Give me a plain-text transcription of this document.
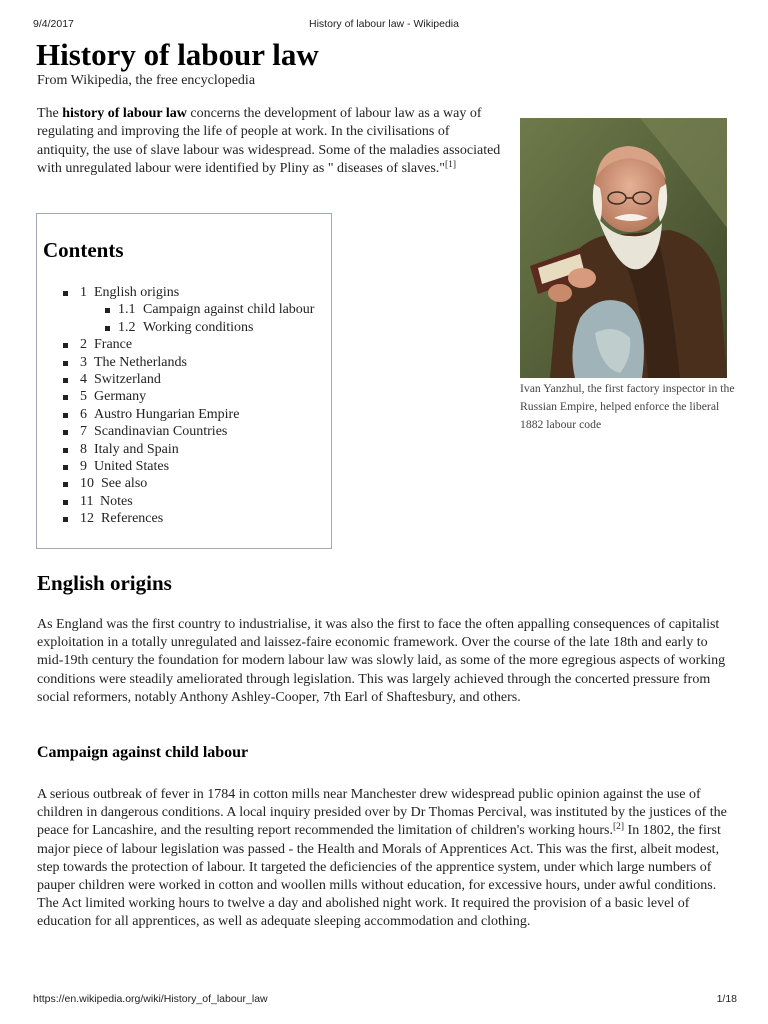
9/4/2017	History of labour law - Wikipedia
History of labour law
From Wikipedia, the free encyclopedia

The history of labour law concerns the development of labour law as a way of regulating and improving the life of people at work. In the civilisations of antiquity, the use of slave labour was widespread. Some of the maladies associated with unregulated labour were identified by Pliny as " diseases of slaves."[1]

Contents
1 English origins
1.1 Campaign against child labour
1.2 Working conditions
2 France
3 The Netherlands
4 Switzerland
5 Germany
6 Austro Hungarian Empire
7 Scandinavian Countries
8 Italy and Spain
9 United States
10 See also
11 Notes
12 References
Ivan Yanzhul, the first factory inspector in the Russian Empire, helped enforce the liberal 1882 labour code
English origins

As England was the first country to industrialise, it was also the first to face the often appalling consequences of capitalist exploitation in a totally unregulated and laissez-faire economic framework. Over the course of the late 18th and early to mid-19th century the foundation for modern labour law was slowly laid, as some of the more egregious aspects of working conditions were steadily ameliorated through legislation. This was largely achieved through the concerted pressure from social reformers, notably Anthony Ashley-Cooper, 7th Earl of Shaftesbury, and others.

Campaign against child labour

A serious outbreak of fever in 1784 in cotton mills near Manchester drew widespread public opinion against the use of children in dangerous conditions. A local inquiry presided over by Dr Thomas Percival, was instituted by the justices of the peace for Lancashire, and the resulting report recommended the limitation of children's working hours.[2] In 1802, the first major piece of labour legislation was passed - the Health and Morals of Apprentices Act. This was the first, albeit modest, step towards the protection of labour. It targeted the deficiencies of the apprentice system, under which large numbers of pauper children were worked in cotton and woollen mills without education, for excessive hours, under awful conditions. The Act limited working hours to twelve a day and abolished night work. It required the provision of a basic level of education for all apprentices, as well as adequate sleeping accommodation and clothing.

https://en.wikipedia.org/wiki/History_of_labour_law	1/18
